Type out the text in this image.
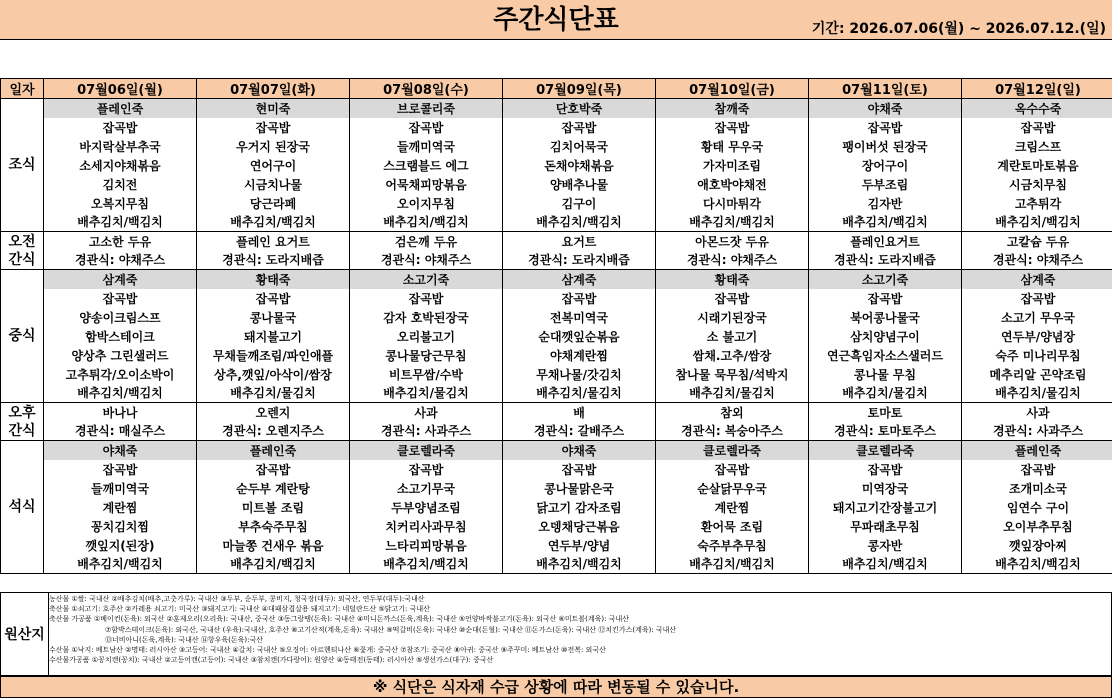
주간식단표	기간: 2026.07.06(월) ~ 2026.07.12.(일)
일자	07월06일(월)	07월07일(화)	07월08일(수)	07월09일(목)	07월10일(금)	07월11일(토)	07월12일(일)
조식	플레인죽	현미죽	브로콜리죽	단호박죽	참깨죽	야채죽	옥수수죽
	잡곡밥	잡곡밥	잡곡밥	잡곡밥	잡곡밥	잡곡밥	잡곡밥
	바지락살부추국	우거지 된장국	들깨미역국	김치어묵국	황태 무우국	팽이버섯 된장국	크림스프
	소세지야채볶음	연어구이	스크램블드 에그	돈채야채볶음	가자미조림	장어구이	계란토마토볶음
	김치전	시금치나물	어묵채피망볶음	양배추나물	애호박야채전	두부조림	시금치무침
	오복지무침	당근라페	오이지무침	김구이	다시마튀각	김자반	고추튀각
	배추김치/백김치	배추김치/백김치	배추김치/백김치	배추김치/백김치	배추김치/백김치	배추김치/백김치	배추김치/백김치
오전 간식	고소한 두유	플레인 요거트	검은깨 두유	요거트	아몬드잣 두유	플레인요거트	고칼슘 두유
	경관식: 야채주스	경관식: 도라지배즙	경관식: 야채주스	경관식: 도라지배즙	경관식: 야채주스	경관식: 도라지배즙	경관식: 야채주스
중식	삼계죽	황태죽	소고기죽	삼계죽	황태죽	소고기죽	삼계죽
	잡곡밥	잡곡밥	잡곡밥	잡곡밥	잡곡밥	잡곡밥	잡곡밥
	양송이크림스프	콩나물국	감자 호박된장국	전복미역국	시래기된장국	북어콩나물국	소고기 무우국
	함박스테이크	돼지불고기	오리불고기	순대깻잎순볶음	소 불고기	삼치양념구이	연두부/양념장
	양상추 그린샐러드	무채들깨조림/파인애플	콩나물당근무침	야채계란찜	쌈채.고추/쌈장	연근흑임자소스샐러드	숙주 미나리무침
	고추튀각/오이소박이	상추,깻잎/아삭이/쌈장	비트무쌈/수박	무채나물/갓김치	참나물 묵무침/석박지	콩나물 무침	메추리알 곤약조림
	배추김치/백김치	배추김치/물김치	배추김치/물김치	배추김치/물김치	배추김치/물김치	배추김치/물김치	배추김치/물김치
오후 간식	바나나	오렌지	사과	배	참외	토마토	사과
	경관식: 매실주스	경관식: 오렌지주스	경관식: 사과주스	경관식: 갈배주스	경관식: 복숭아주스	경관식: 토마토주스	경관식: 사과주스
석식	야채죽	플레인죽	클로렐라죽	야채죽	클로렐라죽	클로렐라죽	플레인죽
	잡곡밥	잡곡밥	잡곡밥	잡곡밥	잡곡밥	잡곡밥	잡곡밥
	들깨미역국	순두부 계란탕	소고기무국	콩나물맑은국	순살닭무우국	미역장국	조개미소국
	계란찜	미트볼 조림	두부양념조림	닭고기 감자조림	계란찜	돼지고기간장불고기	임연수 구이
	꽁치김치찜	부추숙주무침	치커리사과무침	오뎅채당근볶음	환어묵 조림	무파래초무침	오이부추무침
	깻잎지(된장)	마늘쫑 건새우 볶음	느타리피망볶음	연두부/양념	숙주부추무침	콩자반	깻잎장아찌
	배추김치/백김치	배추김치/백김치	배추김치/백김치	배추김치/백김치	배추김치/백김치	배추김치/백김치	배추김치/백김치
원산지
농산물 ①쌀: 국내산 ②배추김치(배추,고춧가루): 국내산 ③두부, 순두부, 콩비지, 청국장(대두): 외국산, 연두부(대두):국내산
축산물 ①쇠고기: 호주산 ②카레용 쇠고기: 미국산 ③돼지고기: 국내산 ④대패삼겹살용 돼지고기: 네덜란드산 ⑤닭고기: 국내산
축산물 가공품 ①베이컨(돈육): 외국산 ②훈제오리(오리육): 국내산, 중국산 ③동그랑땡(돈육): 국내산 ④미니돈까스(돈육,계육): 국내산 ⑤언양바싹불고기(돈육): 외국산 ⑥미트볼(계육): 국내산
⑦함박스테이크(돈육): 외국산, 국내산 (우육):국내산, 호주산 ⑧고기산적(계육,돈육): 국내산 ⑨떡갈비(돈육): 국내산 ⑩순대(돈혈): 국내산 ⑪돈가스(돈육): 국내산 ⑫치킨가스(계육): 국내산
⑬너비아니(돈육,계육): 국내산 ⑭항우육(돈육):국산
수산물 ①낙지: 베트남산 ②명태: 러시아산 ③고등어: 국내산 ④갈치: 국내산 ⑤오징어: 아르헨티나산 ⑥꽃게: 중국산 ⑦참조기: 중국산 ⑧아귀: 중국산 ⑨주꾸미: 베트남산 ⑩전복: 외국산
수산물가공품 ①꽁치캔(꽁치): 국내산 ②고등어캔(고등어): 국내산 ③참치캔(가다랑어): 원양산 ④동태전(동태): 러시아산 ⑤생선가스(대구): 중국산
※ 식단은 식자재 수급 상황에 따라 변동될 수 있습니다.
